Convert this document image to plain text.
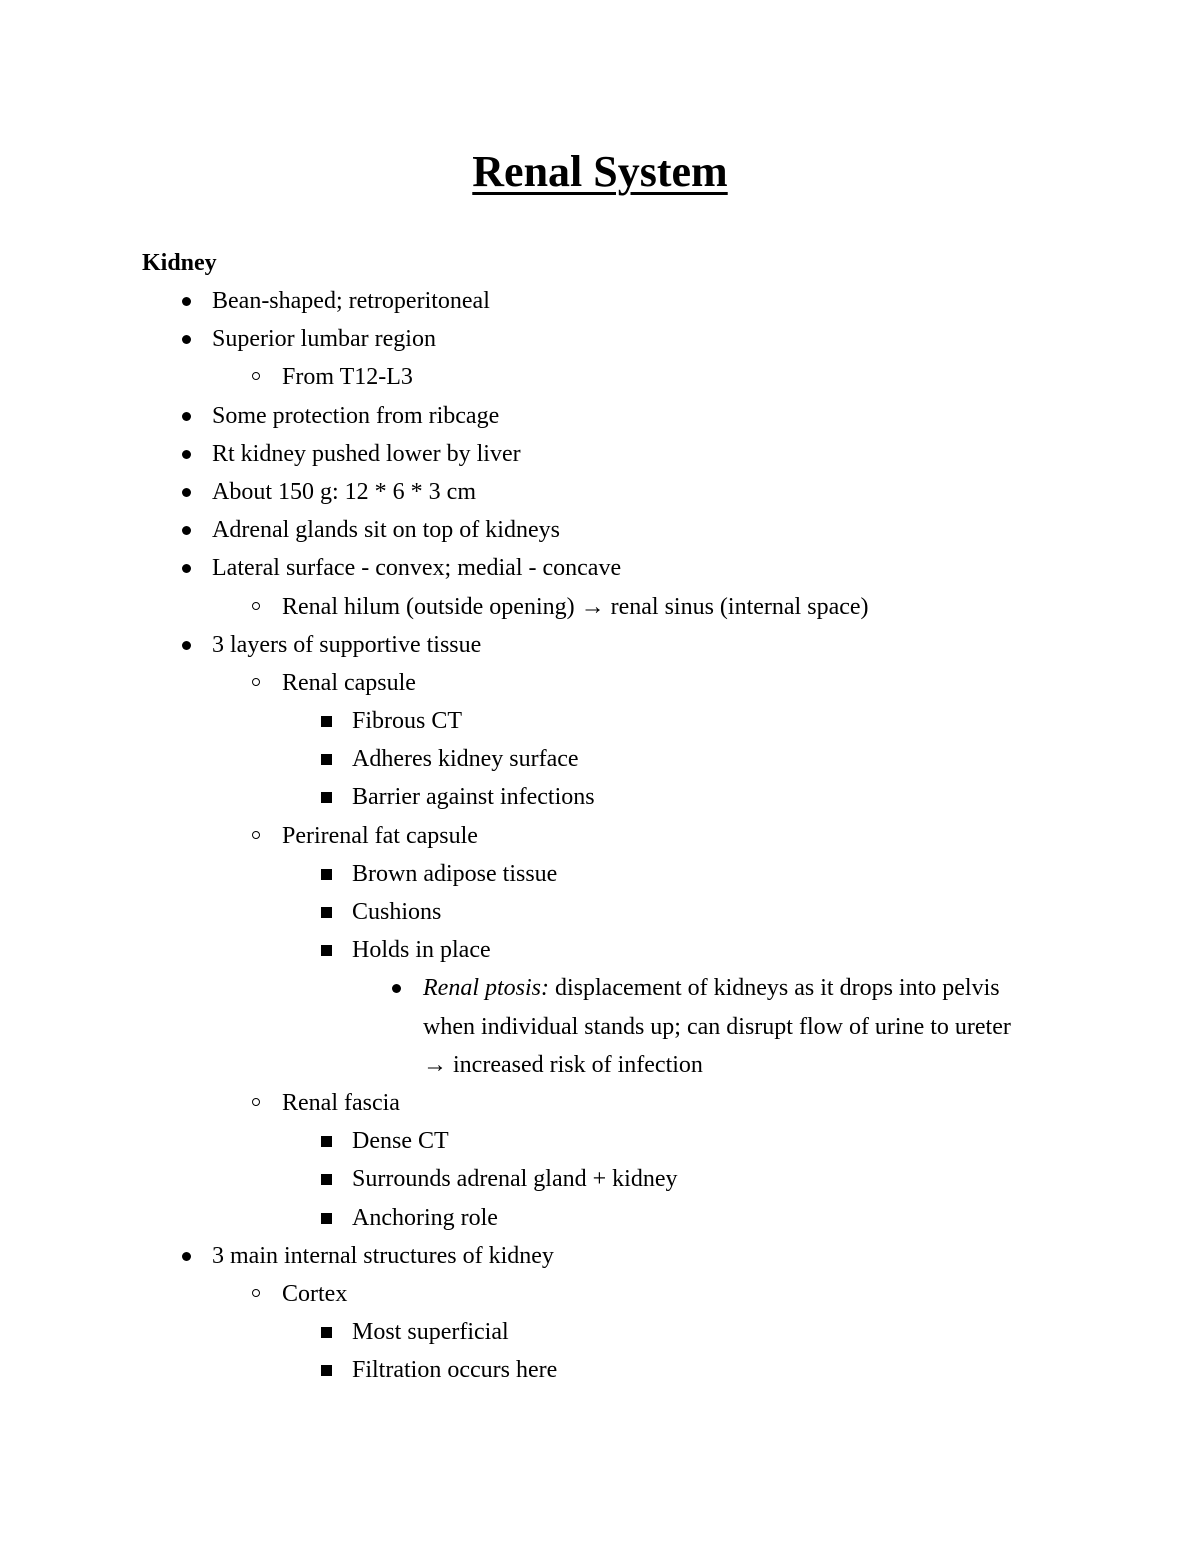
Renal System
Kidney
Bean-shaped; retroperitoneal
Superior lumbar region
From T12-L3
Some protection from ribcage
Rt kidney pushed lower by liver
About 150 g: 12 * 6 * 3 cm
Adrenal glands sit on top of kidneys
Lateral surface - convex; medial - concave
Renal hilum (outside opening) → renal sinus (internal space)
3 layers of supportive tissue
Renal capsule
Fibrous CT
Adheres kidney surface
Barrier against infections
Perirenal fat capsule
Brown adipose tissue
Cushions
Holds in place
Renal ptosis: displacement of kidneys as it drops into pelvis when individual stands up; can disrupt flow of urine to ureter → increased risk of infection
Renal fascia
Dense CT
Surrounds adrenal gland + kidney
Anchoring role
3 main internal structures of kidney
Cortex
Most superficial
Filtration occurs here
